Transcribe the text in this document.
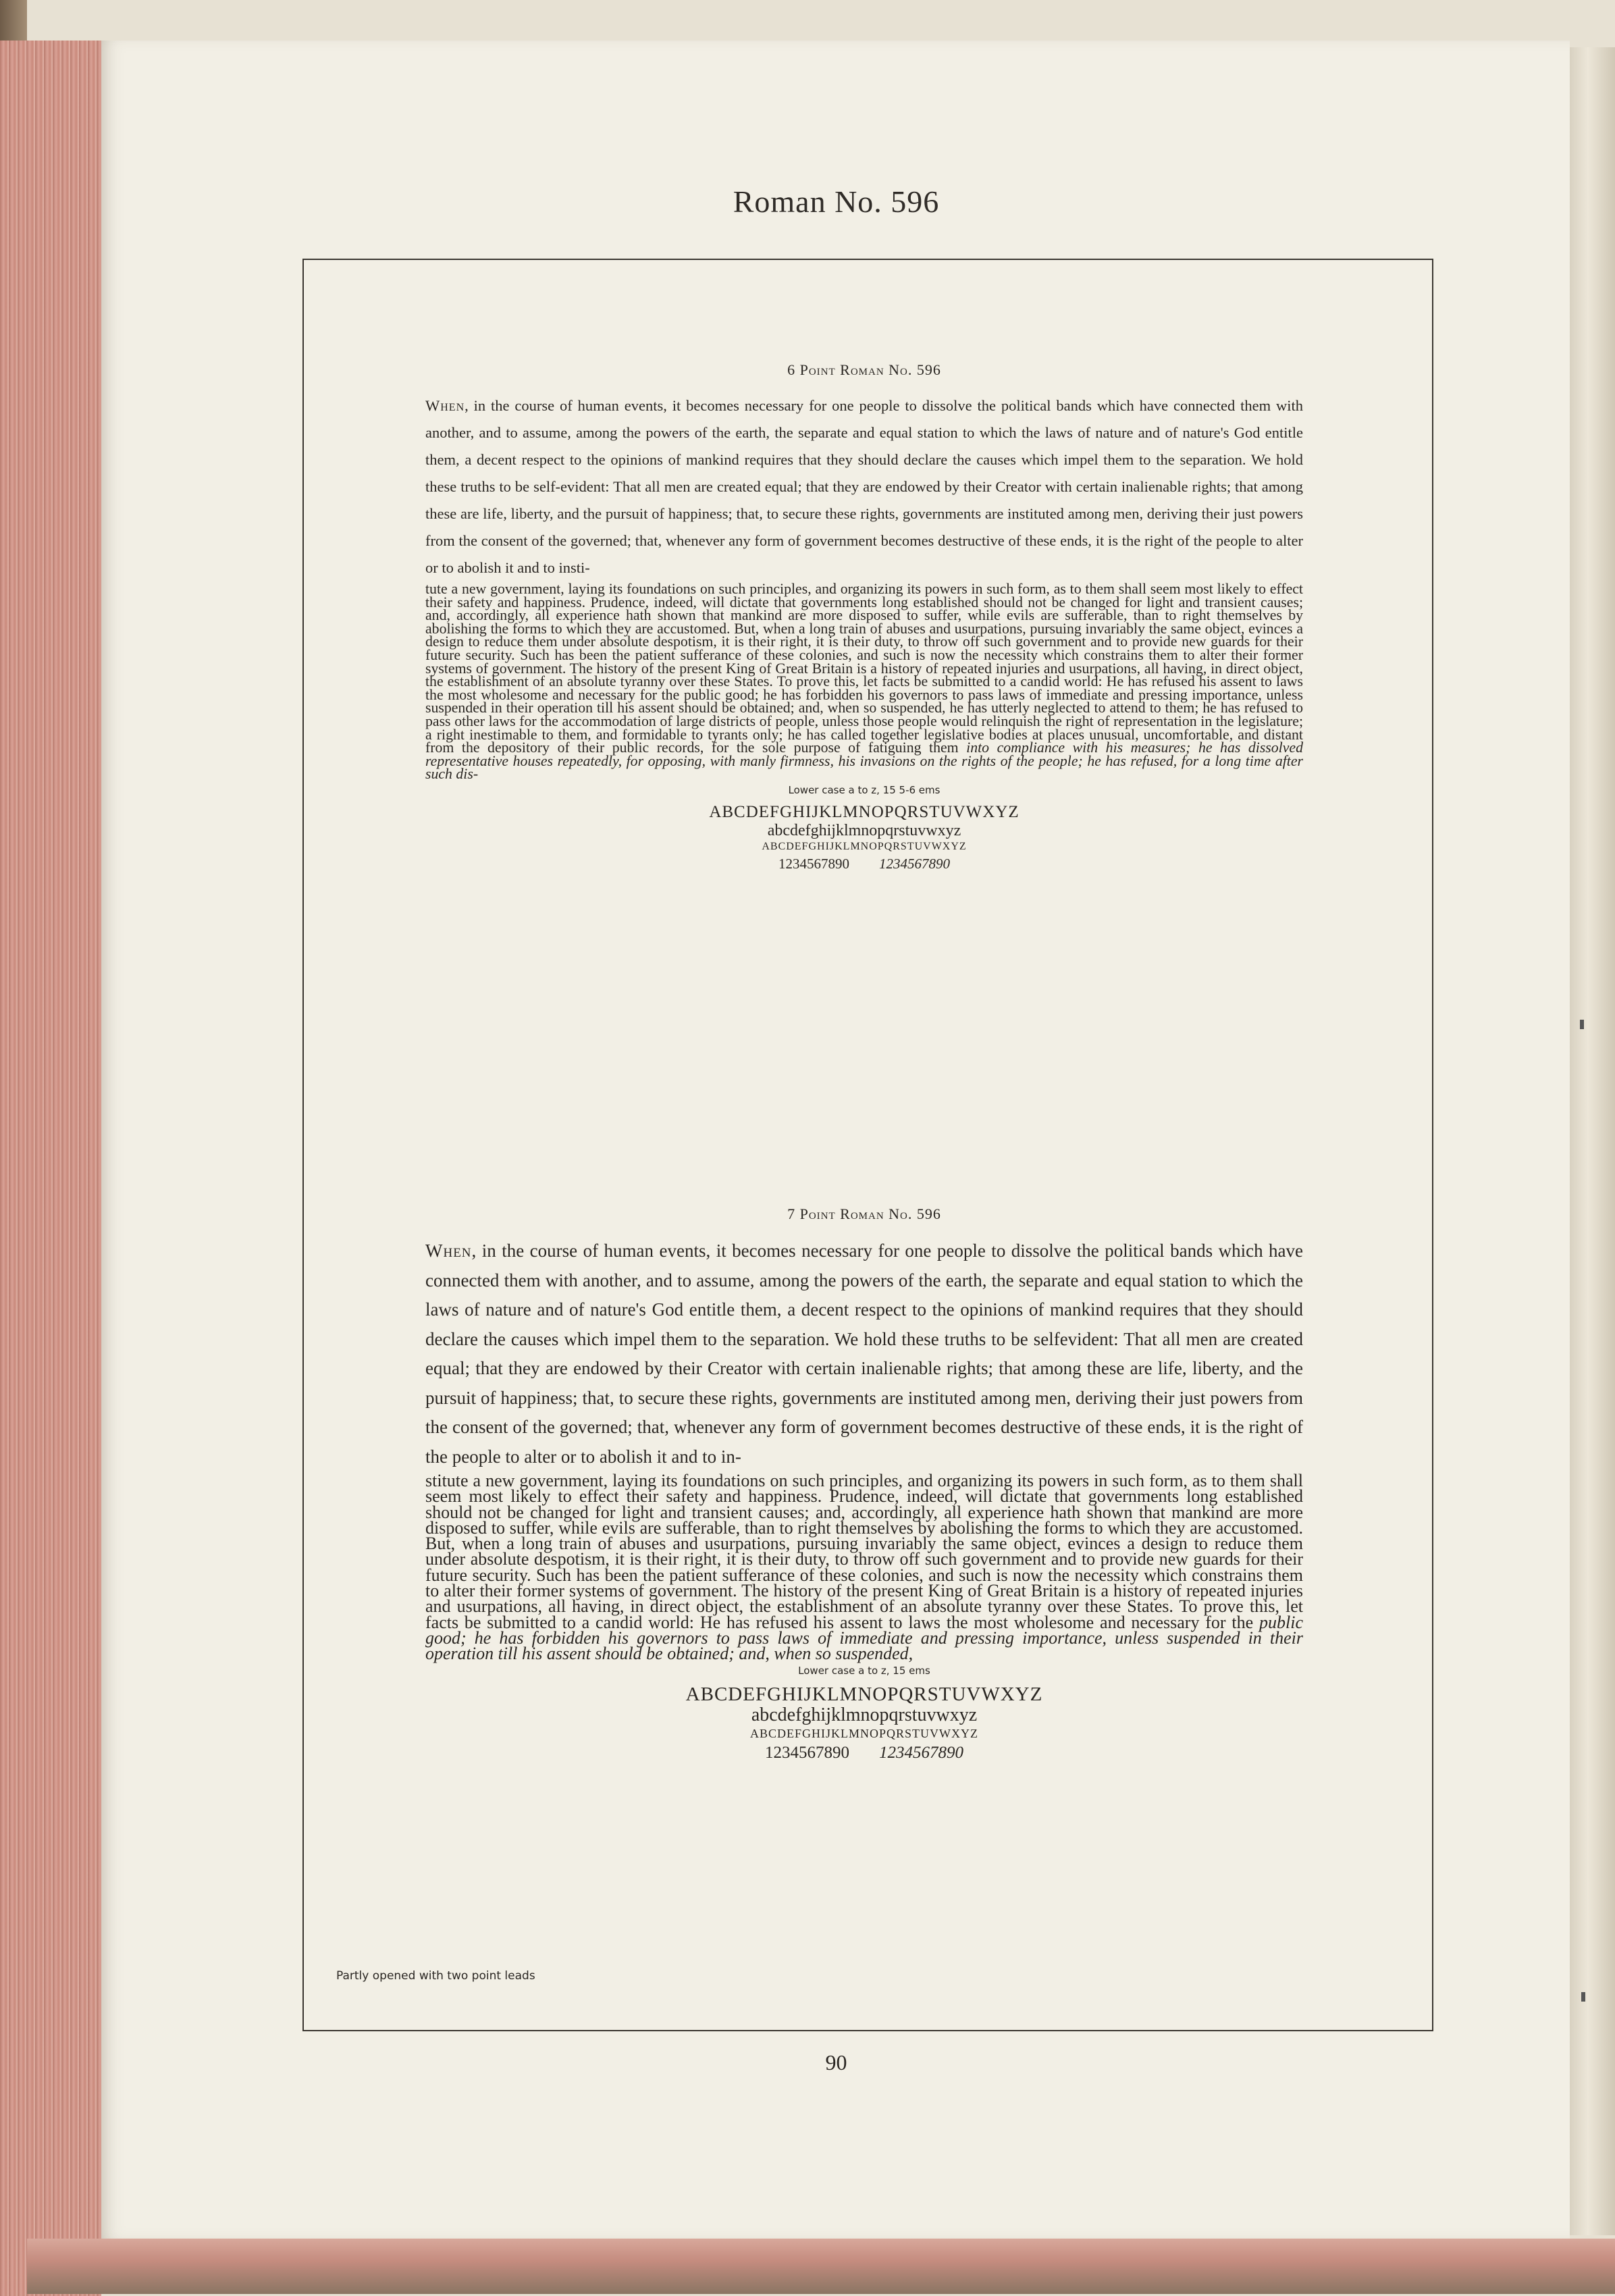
6 Point Roman No. 596

When, in the course of human events, it becomes necessary for one people to dissolve the political bands which have connected them with another, and to assume, among the powers of the earth, the separate and equal station to which the laws of nature and of nature's God entitle them, a decent respect to the opinions of mankind requires that they should declare the causes which impel them to the separation. We hold these truths to be self-evident: That all men are created equal; that they are endowed by their Creator with certain inalienable rights; that among these are life, liberty, and the pursuit of happiness; that, to secure these rights, governments are instituted among men, deriving their just powers from the consent of the governed; that, whenever any form of government becomes destructive of these ends, it is the right of the people to alter or to abolish it and to insti-

tute a new government, laying its foundations on such principles, and organizing its powers in such form, as to them shall seem most likely to effect their safety and happiness. Prudence, indeed, will dictate that governments long established should not be changed for light and transient causes; and, accordingly, all experience hath shown that mankind are more disposed to suffer, while evils are sufferable, than to right themselves by abolishing the forms to which they are accustomed. But, when a long train of abuses and usurpations, pursuing invariably the same object, evinces a design to reduce them under absolute despotism, it is their right, it is their duty, to throw off such government and to provide new guards for their future security. Such has been the patient sufferance of these colonies, and such is now the necessity which constrains them to alter their former systems of government. The history of the present King of Great Britain is a history of repeated injuries and usurpations, all having, in direct object, the establishment of an absolute tyranny over these States. To prove this, let facts be submitted to a candid world: He has refused his assent to laws the most wholesome and necessary for the public good; he has forbidden his governors to pass laws of immediate and pressing importance, unless suspended in their operation till his assent should be obtained; and, when so suspended, he has utterly neglected to attend to them; he has refused to pass other laws for the accommodation of large districts of people, unless those people would relinquish the right of representation in the legislature; a right inestimable to them, and formidable to tyrants only; he has called together legislative bodies at places unusual, uncomfortable, and distant from the depository of their public records, for the sole purpose of fatiguing them into compliance with his measures; he has dissolved representative houses repeatedly, for opposing, with manly firmness, his invasions on the rights of the people; he has refused, for a long time after such dis-

Lower case a to z, 15 5-6 ems
ABCDEFGHIJKLMNOPQRSTUVWXYZ
abcdefghijklmnopqrstuvwxyz
ABCDEFGHIJKLMNOPQRSTUVWXYZ
1234567890 1234567890
7 Point Roman No. 596

When, in the course of human events, it becomes necessary for one people to dissolve the political bands which have connected them with another, and to assume, among the powers of the earth, the separate and equal station to which the laws of nature and of nature's God entitle them, a decent respect to the opinions of mankind requires that they should declare the causes which impel them to the separation. We hold these truths to be selfevident: That all men are created equal; that they are endowed by their Creator with certain inalienable rights; that among these are life, liberty, and the pursuit of happiness; that, to secure these rights, governments are instituted among men, deriving their just powers from the consent of the governed; that, whenever any form of government becomes destructive of these ends, it is the right of the people to alter or to abolish it and to in-

stitute a new government, laying its foundations on such principles, and organizing its powers in such form, as to them shall seem most likely to effect their safety and happiness. Prudence, indeed, will dictate that governments long established should not be changed for light and transient causes; and, accordingly, all experience hath shown that mankind are more disposed to suffer, while evils are sufferable, than to right themselves by abolishing the forms to which they are accustomed. But, when a long train of abuses and usurpations, pursuing invariably the same object, evinces a design to reduce them under absolute despotism, it is their right, it is their duty, to throw off such government and to provide new guards for their future security. Such has been the patient sufferance of these colonies, and such is now the necessity which constrains them to alter their former systems of government. The history of the present King of Great Britain is a history of repeated injuries and usurpations, all having, in direct object, the establishment of an absolute tyranny over these States. To prove this, let facts be submitted to a candid world: He has refused his assent to laws the most wholesome and necessary for the public good; he has forbidden his governors to pass laws of immediate and pressing importance, unless suspended in their operation till his assent should be obtained; and, when so suspended,

Lower case a to z, 15 ems
ABCDEFGHIJKLMNOPQRSTUVWXYZ
abcdefghijklmnopqrstuvwxyz
ABCDEFGHIJKLMNOPQRSTUVWXYZ
1234567890 1234567890
Partly opened with two point leads
Roman No. 596
90
